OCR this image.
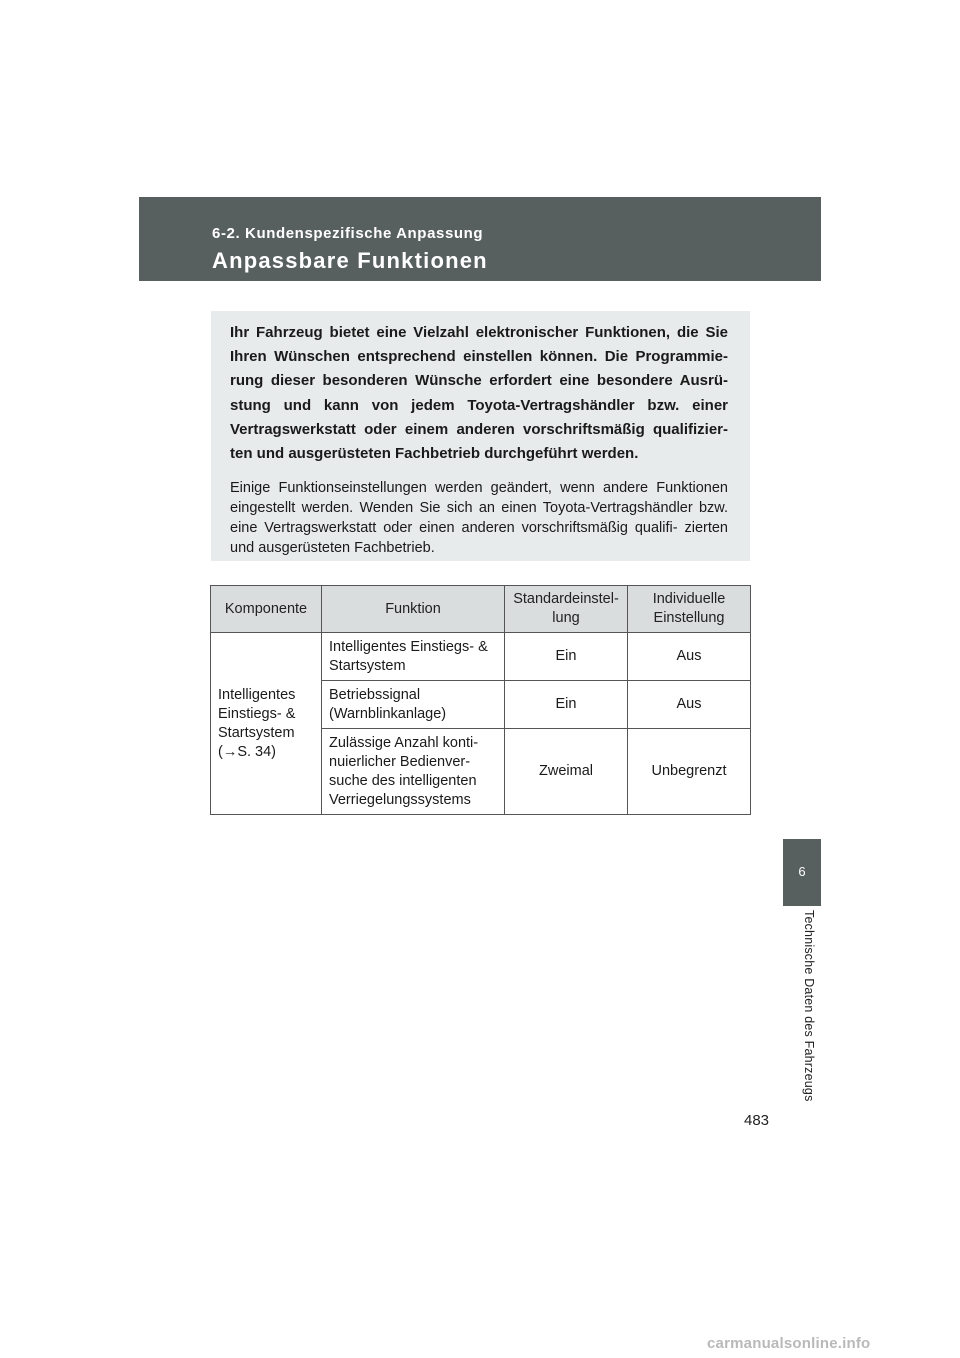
6-2. Kundenspezifische Anpassung
Anpassbare Funktionen

Ihr Fahrzeug bietet eine Vielzahl elektronischer Funktionen, die Sie Ihren Wünschen entsprechend einstellen können. Die Programmie- rung dieser besonderen Wünsche erfordert eine besondere Ausrü- stung und kann von jedem Toyota-Vertragshändler bzw. einer Vertragswerkstatt oder einem anderen vorschriftsmäßig qualifizier- ten und ausgerüsteten Fachbetrieb durchgeführt werden.

Einige Funktionseinstellungen werden geändert, wenn andere Funktionen eingestellt werden. Wenden Sie sich an einen Toyota-Vertragshändler bzw. eine Vertragswerkstatt oder einen anderen vorschriftsmäßig qualifi- zierten und ausgerüsteten Fachbetrieb.

Komponente	Funktion	Standardeinstel- lung	Individuelle Einstellung
Intelligentes Einstiegs- & Startsystem (→S. 34)	Intelligentes Einstiegs- & Startsystem	Ein	Aus
	Betriebssignal (Warnblinkanlage)	Ein	Aus
	Zulässige Anzahl konti- nuierlicher Bedienver- suche des intelligenten Verriegelungssystems	Zweimal	Unbegrenzt
6
Technische Daten des Fahrzeugs
483
carmanualsonline.info
